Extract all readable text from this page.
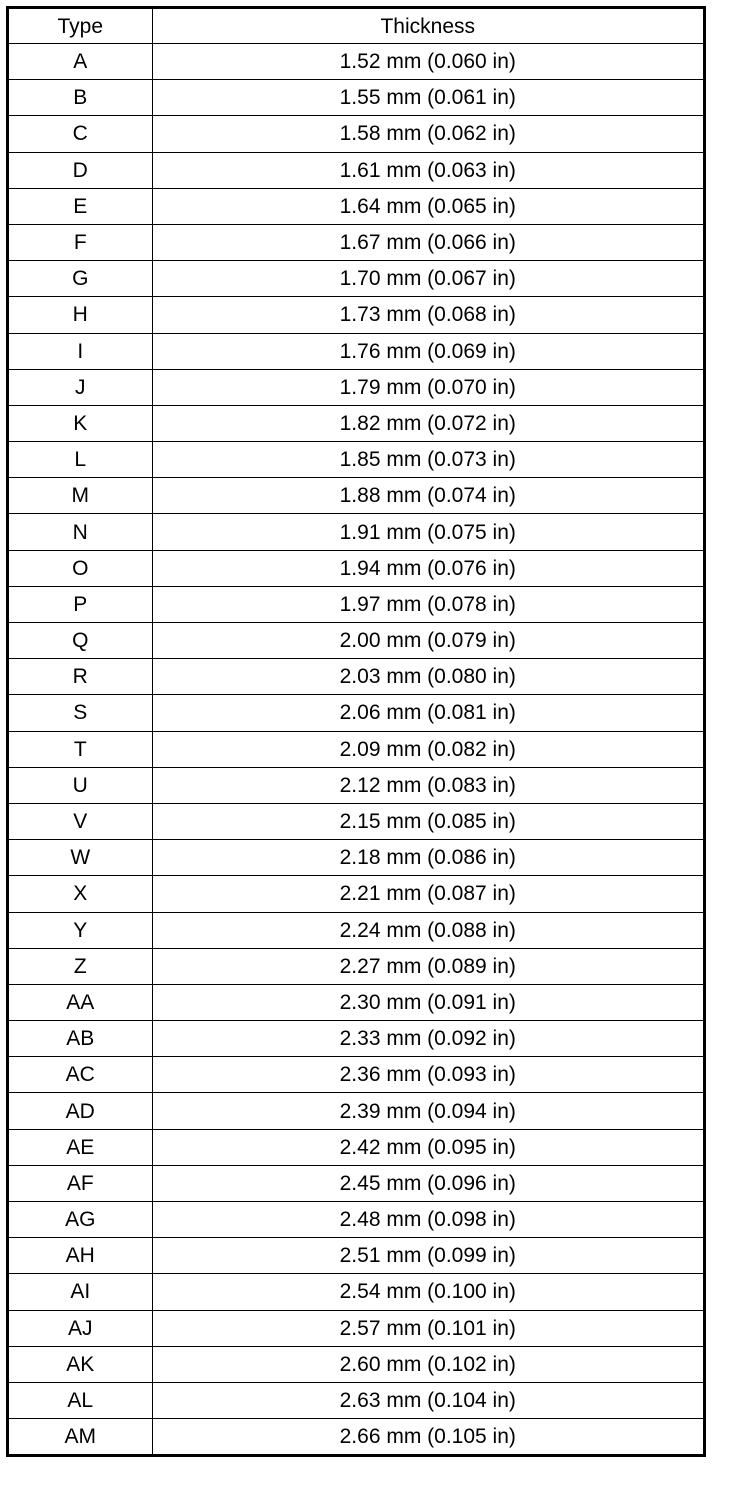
Type	Thickness
A	1.52 mm (0.060 in)
B	1.55 mm (0.061 in)
C	1.58 mm (0.062 in)
D	1.61 mm (0.063 in)
E	1.64 mm (0.065 in)
F	1.67 mm (0.066 in)
G	1.70 mm (0.067 in)
H	1.73 mm (0.068 in)
I	1.76 mm (0.069 in)
J	1.79 mm (0.070 in)
K	1.82 mm (0.072 in)
L	1.85 mm (0.073 in)
M	1.88 mm (0.074 in)
N	1.91 mm (0.075 in)
O	1.94 mm (0.076 in)
P	1.97 mm (0.078 in)
Q	2.00 mm (0.079 in)
R	2.03 mm (0.080 in)
S	2.06 mm (0.081 in)
T	2.09 mm (0.082 in)
U	2.12 mm (0.083 in)
V	2.15 mm (0.085 in)
W	2.18 mm (0.086 in)
X	2.21 mm (0.087 in)
Y	2.24 mm (0.088 in)
Z	2.27 mm (0.089 in)
AA	2.30 mm (0.091 in)
AB	2.33 mm (0.092 in)
AC	2.36 mm (0.093 in)
AD	2.39 mm (0.094 in)
AE	2.42 mm (0.095 in)
AF	2.45 mm (0.096 in)
AG	2.48 mm (0.098 in)
AH	2.51 mm (0.099 in)
AI	2.54 mm (0.100 in)
AJ	2.57 mm (0.101 in)
AK	2.60 mm (0.102 in)
AL	2.63 mm (0.104 in)
AM	2.66 mm (0.105 in)
